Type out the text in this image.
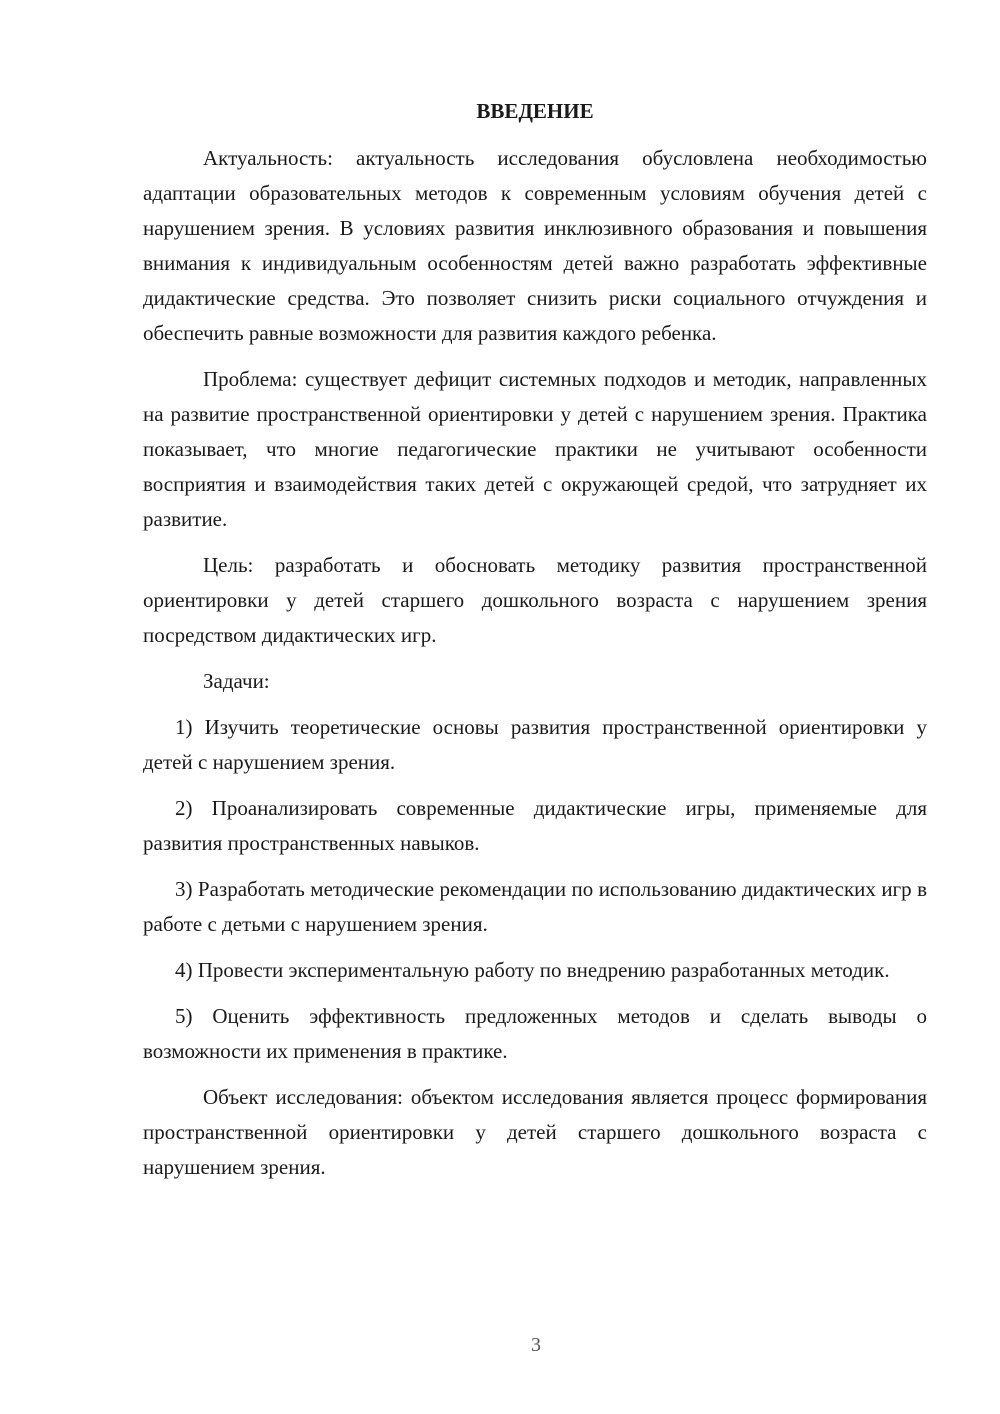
ВВЕДЕНИЕ

Актуальность: актуальность исследования обусловлена необходимостью адаптации образовательных методов к современным условиям обучения детей с нарушением зрения. В условиях развития инклюзивного образования и повышения внимания к индивидуальным особенностям детей важно разработать эффективные дидактические средства. Это позволяет снизить риски социального отчуждения и обеспечить равные возможности для развития каждого ребенка.

Проблема: существует дефицит системных подходов и методик, направленных на развитие пространственной ориентировки у детей с нарушением зрения. Практика показывает, что многие педагогические практики не учитывают особенности восприятия и взаимодействия таких детей с окружающей средой, что затрудняет их развитие.

Цель: разработать и обосновать методику развития пространственной ориентировки у детей старшего дошкольного возраста с нарушением зрения посредством дидактических игр.

Задачи:

1) Изучить теоретические основы развития пространственной ориентировки у детей с нарушением зрения.

2) Проанализировать современные дидактические игры, применяемые для развития пространственных навыков.

3) Разработать методические рекомендации по использованию дидактических игр в работе с детьми с нарушением зрения.

4) Провести экспериментальную работу по внедрению разработанных методик.

5) Оценить эффективность предложенных методов и сделать выводы о возможности их применения в практике.

Объект исследования: объектом исследования является процесс формирования пространственной ориентировки у детей старшего дошкольного возраста с нарушением зрения.

3
